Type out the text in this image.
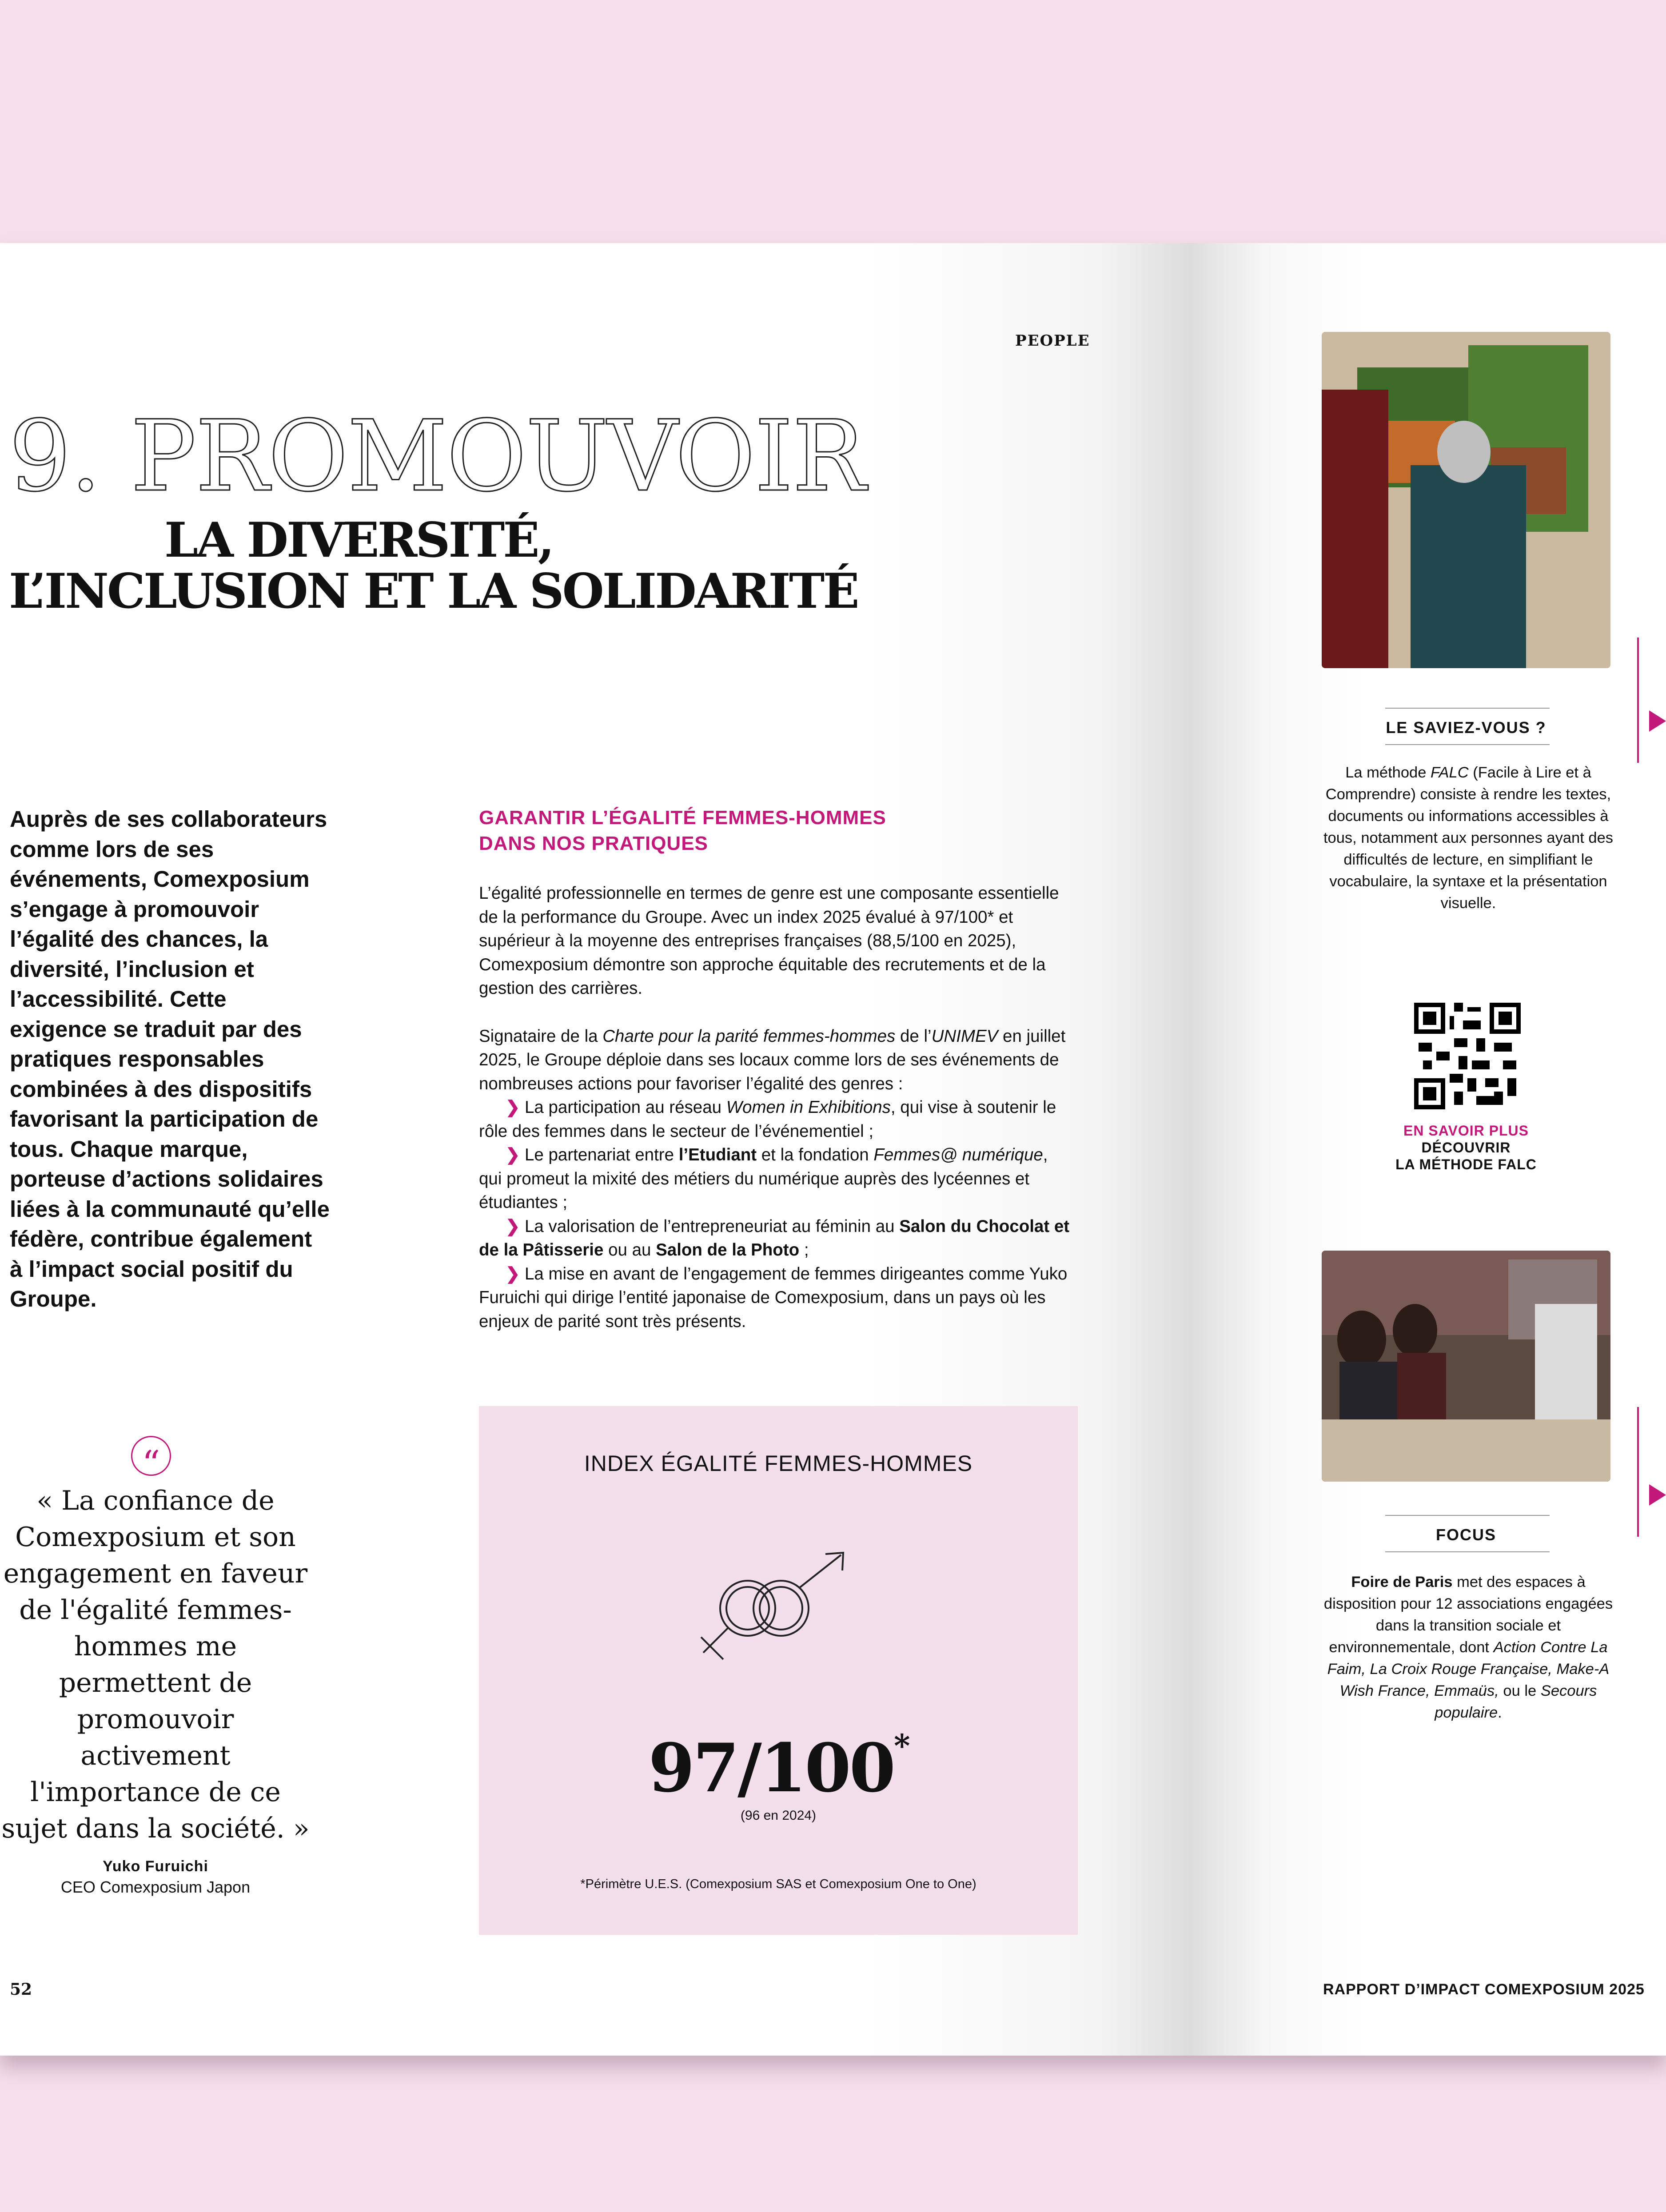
PEOPLE
9. PROMOUVOIR
LA DIVERSITÉ,
L’INCLUSION ET LA SOLIDARITÉ
Auprès de ses collaborateurs comme lors de ses événements, Comexposium s’engage à promouvoir l’égalité des chances, la diversité, l’inclusion et l’accessibilité. Cette exigence se traduit par des pratiques responsables combinées à des dispositifs favorisant la participation de tous. Chaque marque, porteuse d’actions solidaires liées à la communauté qu’elle fédère, contribue également à l’impact social positif du Groupe.
“
« La confiance de Comexposium et son engagement en faveur de l'égalité femmes-hommes me permettent de promouvoir activement l'importance de ce sujet dans la société. »
Yuko Furuichi
CEO Comexposium Japon
GARANTIR L’ÉGALITÉ FEMMES-HOMMES
DANS NOS PRATIQUES

L’égalité professionnelle en termes de genre est une composante essentielle de la performance du Groupe. Avec un index 2025 évalué à 97/100* et supérieur à la moyenne des entreprises françaises (88,5/100 en 2025), Comexposium démontre son approche équitable des recrutements et de la gestion des carrières.

Signataire de la Charte pour la parité femmes-hommes de l’UNIMEV en juillet 2025, le Groupe déploie dans ses locaux comme lors de ses événements de nombreuses actions pour favoriser l’égalité des genres :

❯ La participation au réseau Women in Exhibitions, qui vise à soutenir le rôle des femmes dans le secteur de l’événementiel ;

❯ Le partenariat entre l’Etudiant et la fondation Femmes@ numérique, qui promeut la mixité des métiers du numérique auprès des lycéennes et étudiantes ;

❯ La valorisation de l’entrepreneuriat au féminin au Salon du Chocolat et de la Pâtisserie ou au Salon de la Photo ;

❯ La mise en avant de l’engagement de femmes dirigeantes comme Yuko Furuichi qui dirige l’entité japonaise de Comexposium, dans un pays où les enjeux de parité sont très présents.

INDEX ÉGALITÉ FEMMES-HOMMES
97/100*
(96 en 2024)
*Périmètre U.E.S. (Comexposium SAS et Comexposium One to One)
LE SAVIEZ-VOUS ?
La méthode FALC (Facile à Lire et à Comprendre) consiste à rendre les textes, documents ou informations accessibles à tous, notamment aux personnes ayant des difficultés de lecture, en simplifiant le vocabulaire, la syntaxe et la présentation visuelle.
EN SAVOIR PLUS
DÉCOUVRIR
LA MÉTHODE FALC
FOCUS
Foire de Paris met des espaces à disposition pour 12 associations engagées dans la transition sociale et environnementale, dont Action Contre La Faim, La Croix Rouge Française, Make-A Wish France, Emmaüs, ou le Secours populaire.
52	RAPPORT D’IMPACT COMEXPOSIUM 2025
